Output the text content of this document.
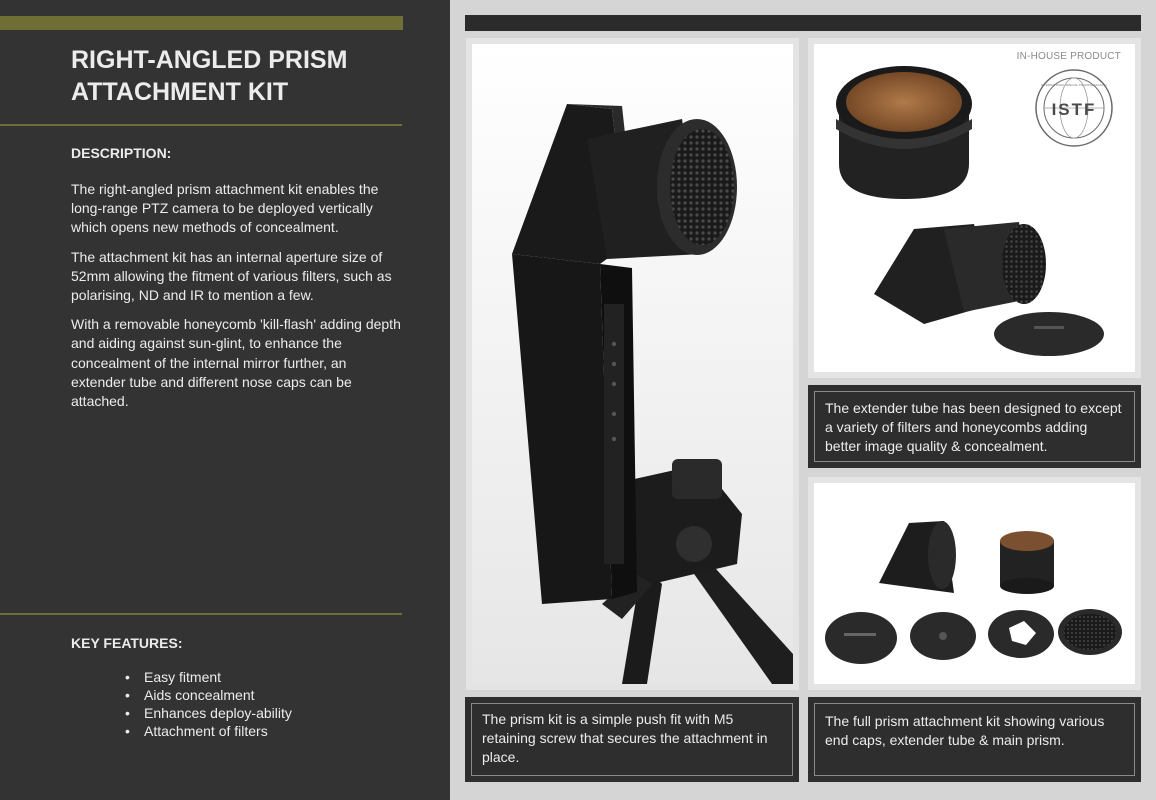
RIGHT-ANGLED PRISM
ATTACHMENT KIT
DESCRIPTION:

The right-angled prism attachment kit enables the long-range PTZ camera to be deployed vertically which opens new methods of concealment.

The attachment kit has an internal aperture size of 52mm allowing the fitment of various filters, such as polarising, ND and IR to mention a few.

With a removable honeycomb 'kill-flash' adding depth and aiding against sun-glint, to enhance the concealment of the internal mirror further, an extender tube and different nose caps can be attached.

KEY FEATURES:
• Easy fitment
• Aids concealment
• Enhances deploy-ability
• Attachment of filters
IN-HOUSE PRODUCT
ISTF
INTERNATIONAL SPECIAL TRAINING FACILITY
The extender tube has been designed to except a variety of filters and honeycombs adding better image quality & concealment.
The prism kit is a simple push fit with M5 retaining screw that secures the attachment in place.
The full prism attachment kit showing various end caps, extender tube & main prism.
